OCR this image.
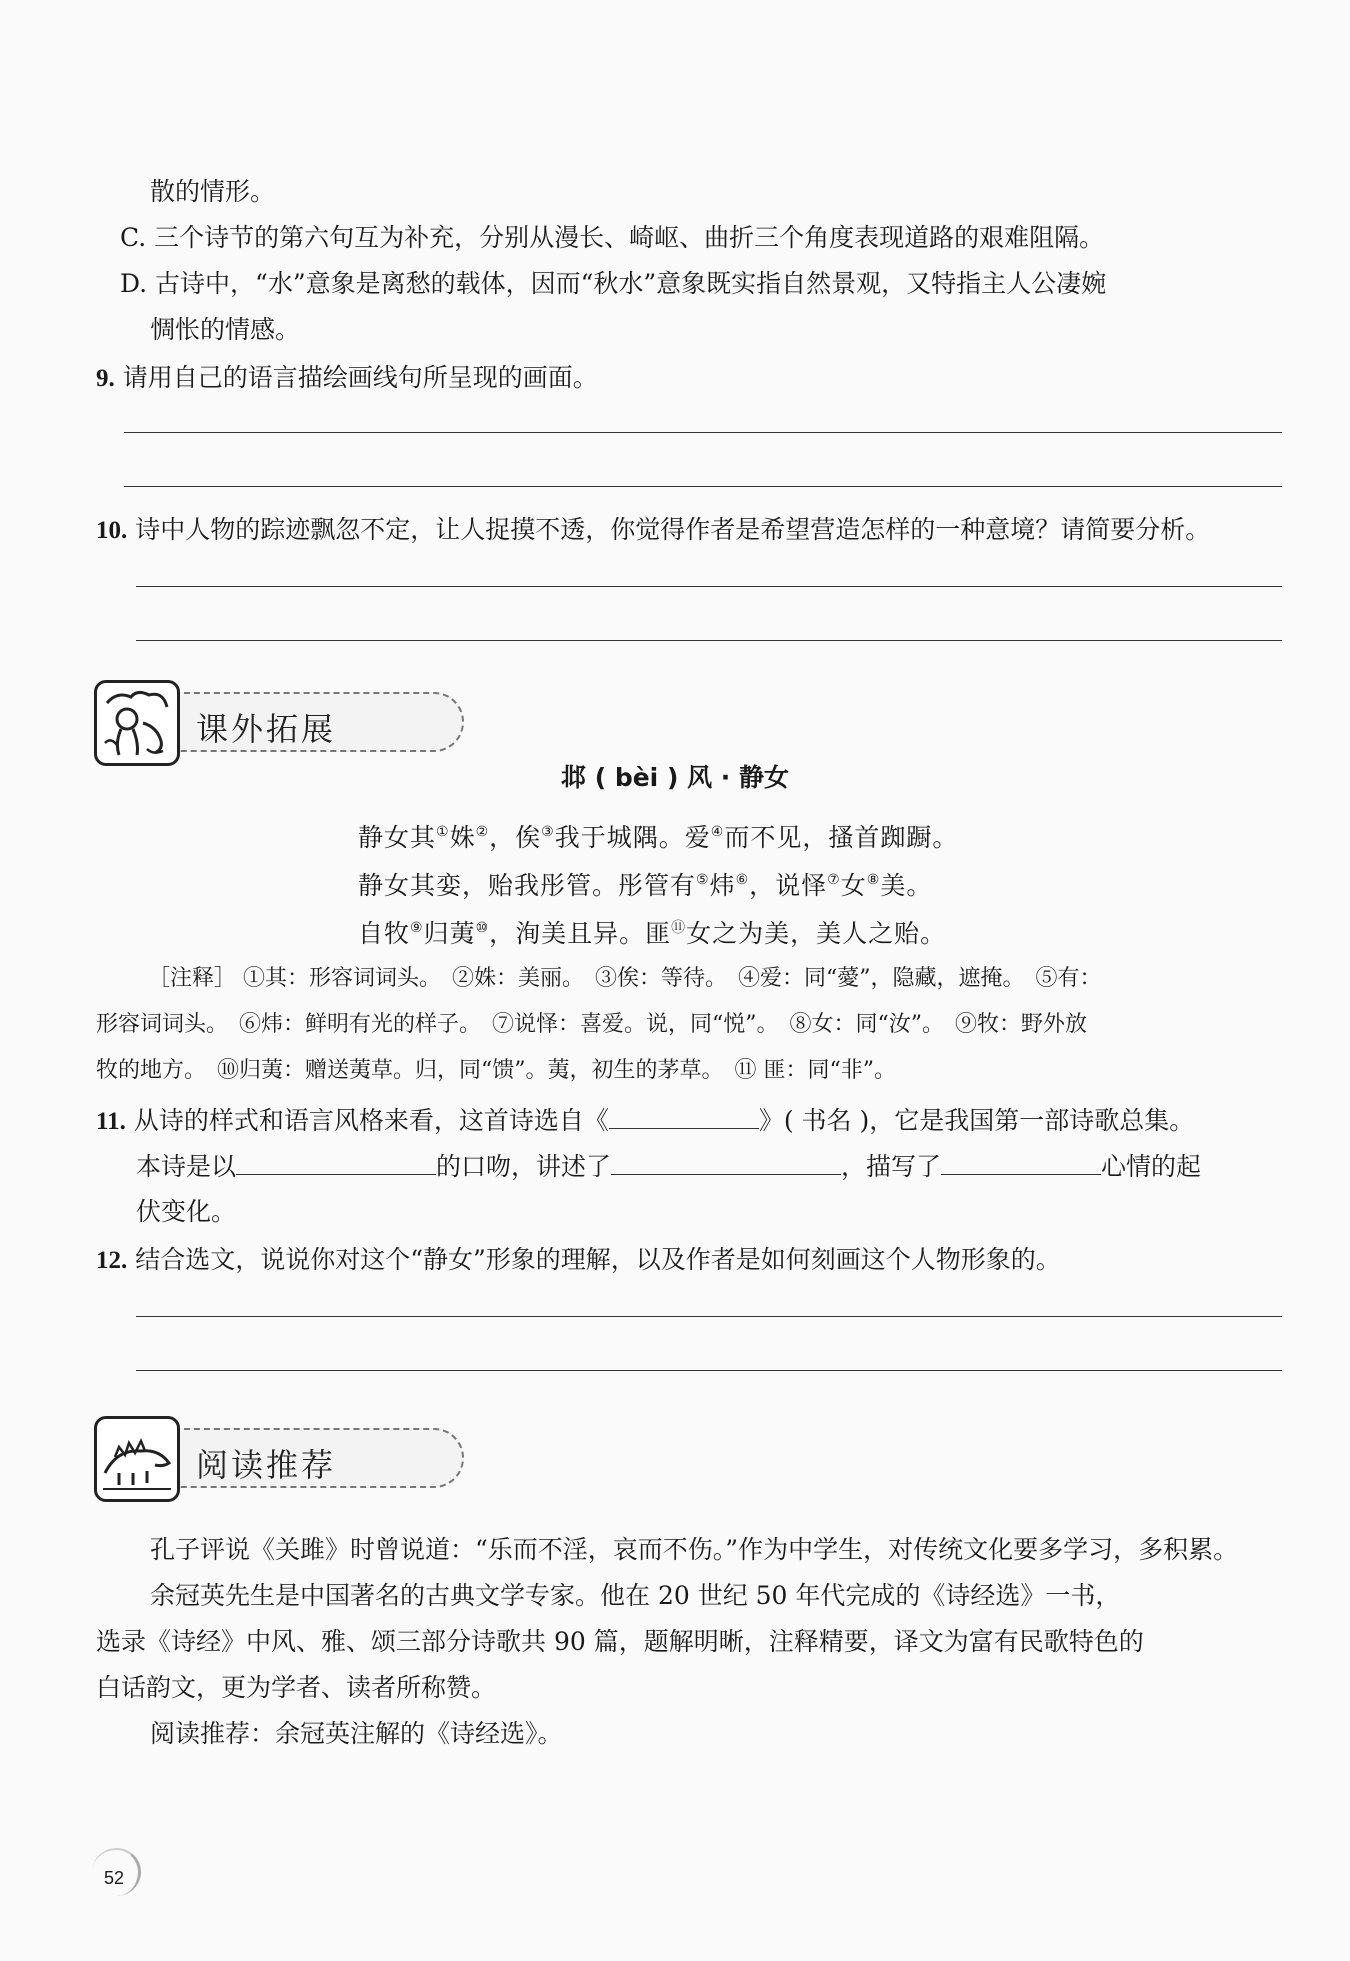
散的情形。
C. 三个诗节的第六句互为补充，分别从漫长、崎岖、曲折三个角度表现道路的艰难阻隔。
D. 古诗中，“水”意象是离愁的载体，因而“秋水”意象既实指自然景观，又特指主人公凄婉
惆怅的情感。
9. 请用自己的语言描绘画线句所呈现的画面。
10. 诗中人物的踪迹飘忽不定，让人捉摸不透，你觉得作者是希望营造怎样的一种意境？请简要分析。
课外拓展
邶 ( bèi ) 风 · 静女
静女其①姝②，俟③我于城隅。爱④而不见，搔首踟蹰。
静女其娈，贻我彤管。彤管有⑤炜⑥，说怿⑦女⑧美。
自牧⑨归荑⑩，洵美且异。匪⑪女之为美，美人之贻。
［注释］ ①其：形容词词头。　②姝：美丽。　③俟：等待。　④爱：同“薆”，隐藏，遮掩。　⑤有：
形容词词头。　⑥炜：鲜明有光的样子。　⑦说怿：喜爱。说，同“悦”。　⑧女：同“汝”。　⑨牧：野外放
牧的地方。　⑩归荑：赠送荑草。归，同“馈”。荑，初生的茅草。　⑪ 匪：同“非”。
11. 从诗的样式和语言风格来看，这首诗选自《	》( 书名 )，它是我国第一部诗歌总集。
本诗是以	的口吻，讲述了	，描写了	心情的起
伏变化。
12. 结合选文，说说你对这个“静女”形象的理解，以及作者是如何刻画这个人物形象的。
阅读推荐
孔子评说《关雎》时曾说道：“乐而不淫，哀而不伤。”作为中学生，对传统文化要多学习，多积累。
余冠英先生是中国著名的古典文学专家。他在 20 世纪 50 年代完成的《诗经选》一书，
选录《诗经》中风、雅、颂三部分诗歌共 90 篇，题解明晰，注释精要，译文为富有民歌特色的
白话韵文，更为学者、读者所称赞。
阅读推荐：余冠英注解的《诗经选》。
52
